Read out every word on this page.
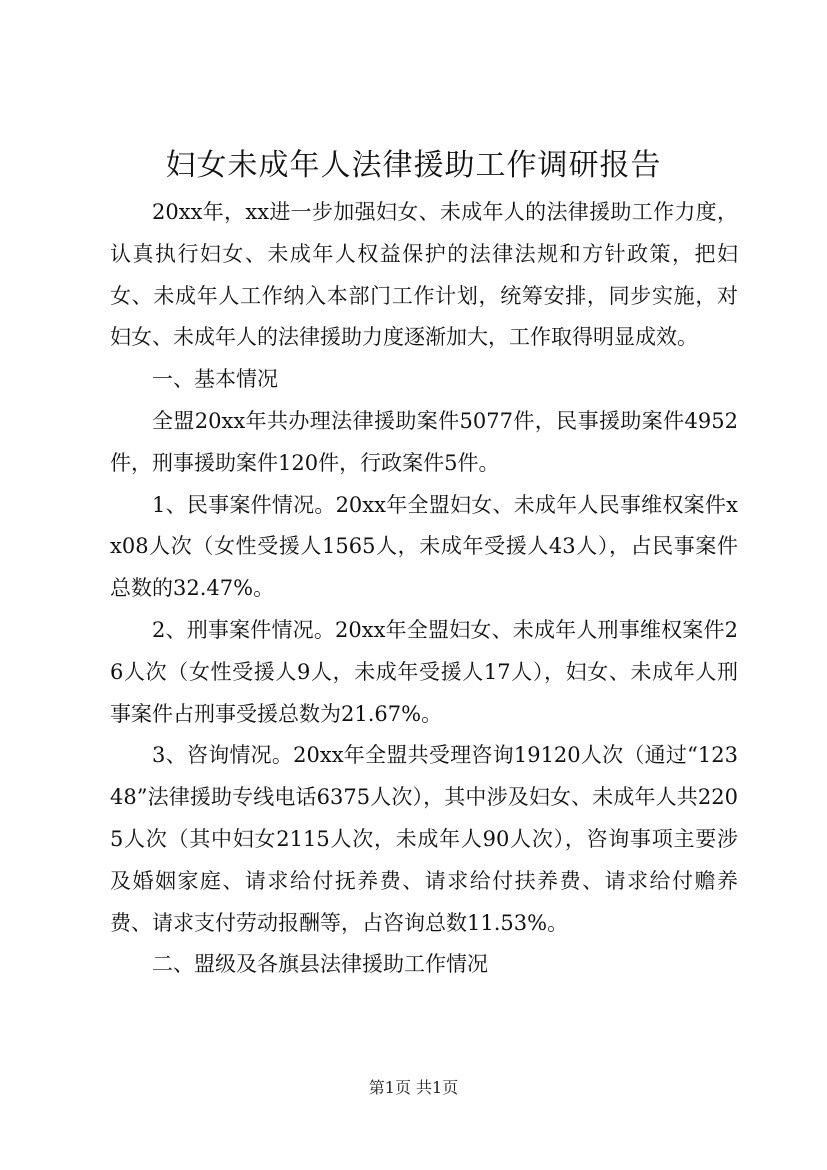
妇女未成年人法律援助工作调研报告

20xx年，xx进一步加强妇女、未成年人的法律援助工作力度，认真执行妇女、未成年人权益保护的法律法规和方针政策，把妇女、未成年人工作纳入本部门工作计划，统筹安排，同步实施，对妇女、未成年人的法律援助力度逐渐加大，工作取得明显成效。

一、基本情况

全盟20xx年共办理法律援助案件5077件，民事援助案件4952件，刑事援助案件120件，行政案件5件。

1、民事案件情况。20xx年全盟妇女、未成年人民事维权案件xx08人次（女性受援人1565人，未成年受援人43人），占民事案件总数的32.47%。

2、刑事案件情况。20xx年全盟妇女、未成年人刑事维权案件26人次（女性受援人9人，未成年受援人17人），妇女、未成年人刑事案件占刑事受援总数为21.67%。

3、咨询情况。20xx年全盟共受理咨询19120人次（通过“12348”法律援助专线电话6375人次），其中涉及妇女、未成年人共2205人次（其中妇女2115人次，未成年人90人次），咨询事项主要涉及婚姻家庭、请求给付抚养费、请求给付扶养费、请求给付赡养费、请求支付劳动报酬等，占咨询总数11.53%。

二、盟级及各旗县法律援助工作情况

第1页 共1页
